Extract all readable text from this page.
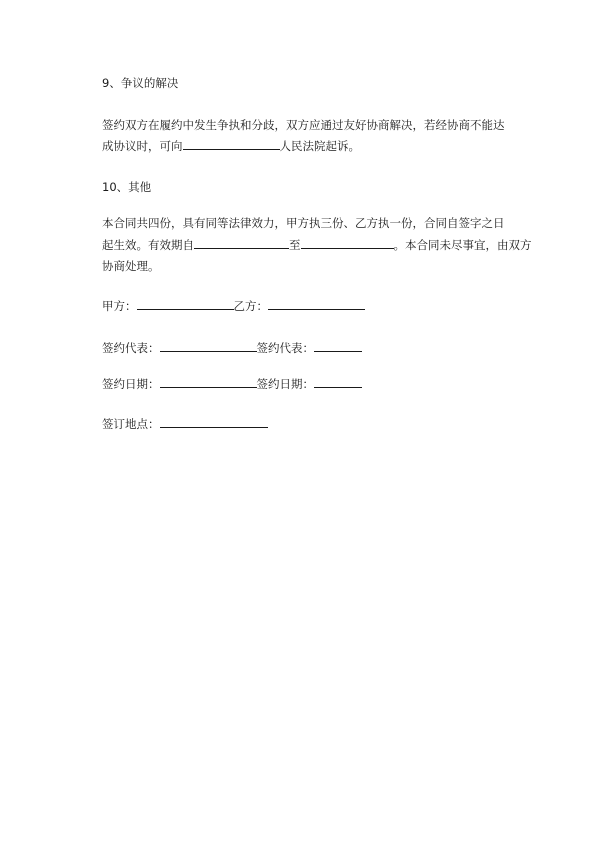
9、争议的解决
签约双方在履约中发生争执和分歧，双方应通过友好协商解决，若经协商不能达
成协议时，可向	人民法院起诉。
10、其他
本合同共四份，具有同等法律效力，甲方执三份、乙方执一份，合同自签字之日
起生效。有效期自	至	。本合同未尽事宜，由双方
协商处理。
甲方：	乙方：
签约代表：	签约代表：
签约日期：	签约日期：
签订地点：
